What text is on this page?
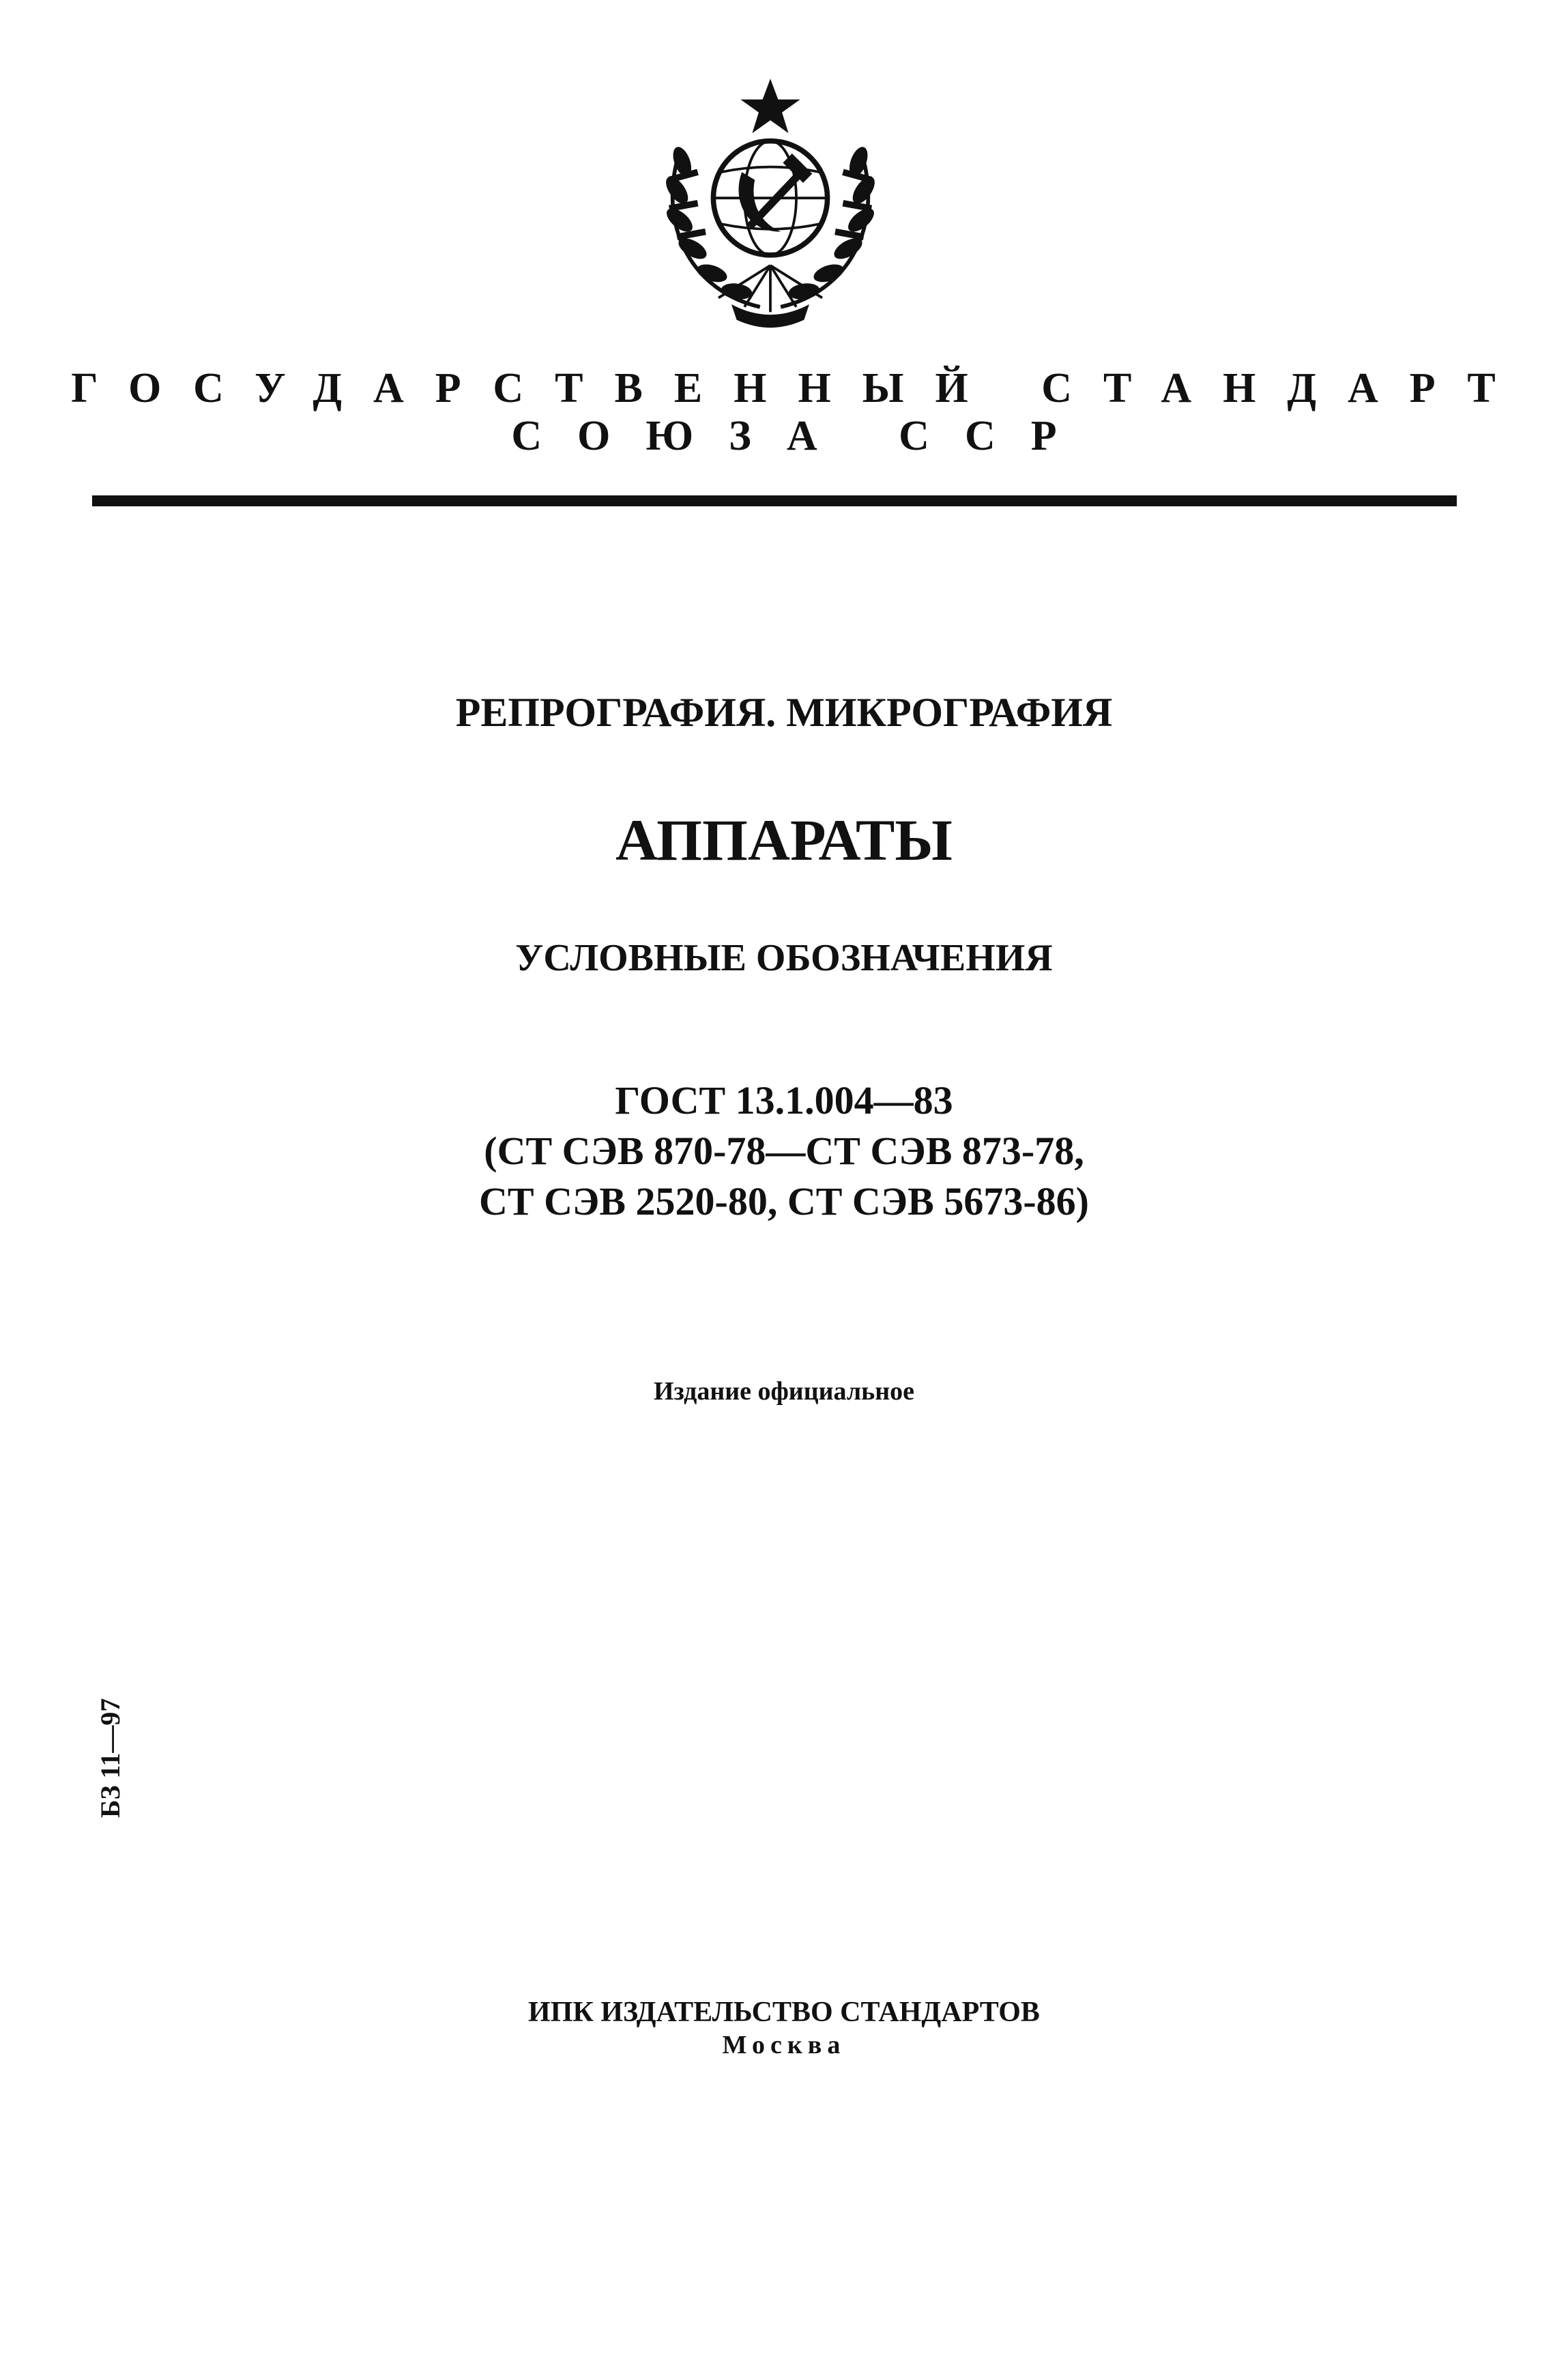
ГОСУДАРСТВЕННЫЙ СТАНДАРТ
СОЮЗА ССР
РЕПРОГРАФИЯ. МИКРОГРАФИЯ
АППАРАТЫ
УСЛОВНЫЕ ОБОЗНАЧЕНИЯ
ГОСТ 13.1.004—83
(СТ СЭВ 870-78—СТ СЭВ 873-78,
СТ СЭВ 2520-80, СТ СЭВ 5673-86)
Издание официальное
БЗ 11—97
ИПК ИЗДАТЕЛЬСТВО СТАНДАРТОВ
Москва
